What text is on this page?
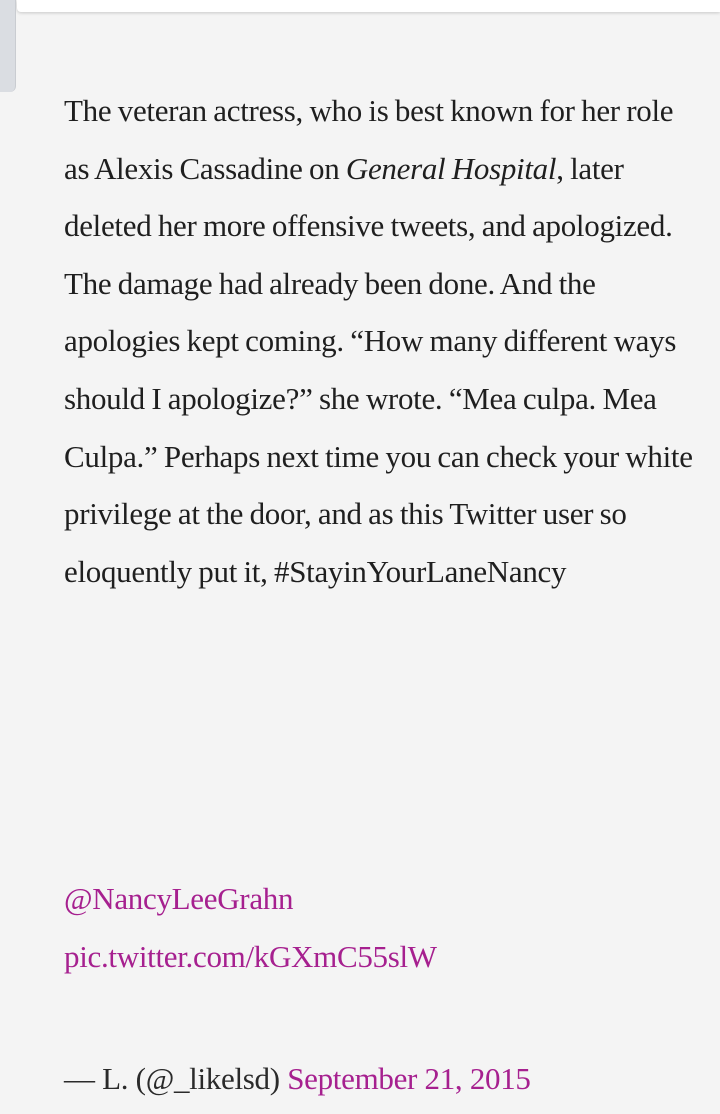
The veteran actress, who is best known for her role as Alexis Cassadine on General Hospital, later deleted her more offensive tweets, and apologized. The damage had already been done. And the apologies kept coming. “How many different ways should I apologize?” she wrote. “Mea culpa. Mea Culpa.” Perhaps next time you can check your white privilege at the door, and as this Twitter user so eloquently put it, #StayinYourLaneNancy

@NancyLeeGrahn
pic.twitter.com/kGXmC55slW
— L. (@_likelsd) September 21, 2015
